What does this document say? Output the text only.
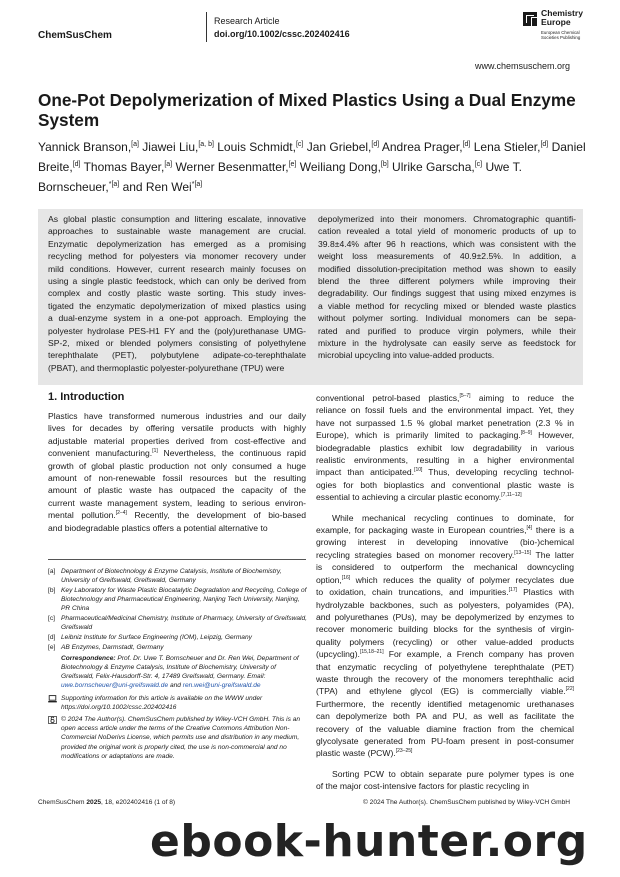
ChemSusChem
Research Article
doi.org/10.1002/cssc.202402416
Chemistry
Europe
European Chemical
Societies Publishing
www.chemsuschem.org
One-Pot Depolymerization of Mixed Plastics Using a Dual Enzyme System
Yannick Branson,[a] Jiawei Liu,[a, b] Louis Schmidt,[c] Jan Griebel,[d] Andrea Prager,[d] Lena Stieler,[d] Daniel Breite,[d] Thomas Bayer,[a] Werner Besenmatter,[e] Weiliang Dong,[b] Ulrike Garscha,[c] Uwe T. Bornscheuer,$^{*[a]}$ and Ren Wei$^{*[a]}$
As global plastic consumption and littering escalate, innovative
approaches to sustainable waste management are crucial.
Enzymatic depolymerization has emerged as a promising
recycling method for polyesters via monomer recovery under
mild conditions. However, current research mainly focuses on
using a single plastic feedstock, which can only be derived from
complex and costly plastic waste sorting. This study inves-
tigated the enzymatic depolymerization of mixed plastics using
a dual-enzyme system in a one-pot approach. Employing the
polyester hydrolase PES-H1 FY and the (poly)urethanase UMG-
SP-2, mixed or blended polymers consisting of polyethylene
terephthalate (PET), polybutylene adipate-co-terephthalate
(PBAT), and thermoplastic polyester-polyurethane (TPU) were
depolymerized into their monomers. Chromatographic quantifi-
cation revealed a total yield of monomeric products of up to
39.8±4.4% after 96 h reactions, which was consistent with the
weight loss measurements of 40.9±2.5%. In addition, a
modified dissolution-precipitation method was shown to easily
blend the three different polymers while improving their
degradability. Our findings suggest that using mixed enzymes is
a viable method for recycling mixed or blended waste plastics
without polymer sorting. Individual monomers can be sepa-
rated and purified to produce virgin polymers, while their
mixture in the hydrolysate can easily serve as feedstock for
microbial upcycling into value-added products.
1. Introduction
Plastics have transformed numerous industries and our daily
lives for decades by offering versatile products with highly
adjustable material properties derived from cost-effective and
convenient manufacturing.[1] Nevertheless, the continuous rapid
growth of global plastic production not only consumed a huge
amount of non-renewable fossil resources but the resulting
amount of plastic waste has outpaced the capacity of the
current waste management system, leading to serious environ-
mental pollution.[2–4] Recently, the development of bio-based
and biodegradable plastics offers a potential alternative to
conventional petrol-based plastics,[5–7] aiming to reduce the
reliance on fossil fuels and the environmental impact. Yet, they
have not surpassed 1.5 % global market penetration (2.3 % in
Europe), which is primarily limited to packaging.[8–9] However,
biodegradable plastics exhibit low degradability in various
realistic environments, resulting in a higher environmental
impact than anticipated.[10] Thus, developing recycling technol-
ogies for both bioplastics and conventional plastic waste is
essential to achieving a circular plastic economy.[7,11–12]
While mechanical recycling continues to dominate, for
example, for packaging waste in European countries,[4] there is a
growing interest in developing innovative (bio-)chemical
recycling strategies based on monomer recovery.[13–15] The latter
is considered to outperform the mechanical downcycling
option,[16] which reduces the quality of polymer recyclates due
to oxidation, chain truncations, and impurities.[17] Plastics with
hydrolyzable backbones, such as polyesters, polyamides (PA),
and polyurethanes (PUs), may be depolymerized by enzymes to
recover monomeric building blocks for the synthesis of virgin-
quality polymers (recycling) or other value-added products
(upcycling).[15,18–21] For example, a French company has proven
that enzymatic recycling of polyethylene terephthalate (PET)
waste through the recovery of the monomers terephthalic acid
(TPA) and ethylene glycol (EG) is commercially viable.[22]
Furthermore, the recently identified metagenomic urethanases
can depolymerize both PA and PU, as well as facilitate the
recovery of the valuable diamine fraction from the chemical
glycolysate generated from PU-foam present in post-consumer
plastic waste (PCW).[23–25]
Sorting PCW to obtain separate pure polymer types is one
of the major cost-intensive factors for plastic recycling in
[a] Department of Biotechnology & Enzyme Catalysis, Institute of Biochemistry, University of Greifswald, Greifswald, Germany
[b] Key Laboratory for Waste Plastic Biocatalytic Degradation and Recycling, College of Biotechnology and Pharmaceutical Engineering, Nanjing Tech University, Nanjing, PR China
[c] Pharmaceutical/Medicinal Chemistry, Institute of Pharmacy, University of Greifswald, Greifswald
[d] Leibniz Institute for Surface Engineering (IOM), Leipzig, Germany
[e] AB Enzymes, Darmstadt, Germany
Correspondence: Prof. Dr. Uwe T. Bornscheuer and Dr. Ren Wei, Department of Biotechnology & Enzyme Catalysis, Institute of Biochemistry, University of Greifswald, Felix-Hausdorff-Str. 4, 17489 Greifswald, Germany. Email: uwe.bornscheuer@uni-greifswald.de and ren.wei@uni-greifswald.de
Supporting information for this article is available on the WWW under https://doi.org/10.1002/cssc.202402416
© 2024 The Author(s). ChemSusChem published by Wiley-VCH GmbH. This is an open access article under the terms of the Creative Commons Attribution Non-Commercial NoDerivs License, which permits use and distribution in any medium, provided the original work is properly cited, the use is non-commercial and no modifications or adaptations are made.
ChemSusChem 2025, 18, e202402416 (1 of 8)	© 2024 The Author(s). ChemSusChem published by Wiley-VCH GmbH
ebook-hunter.org
